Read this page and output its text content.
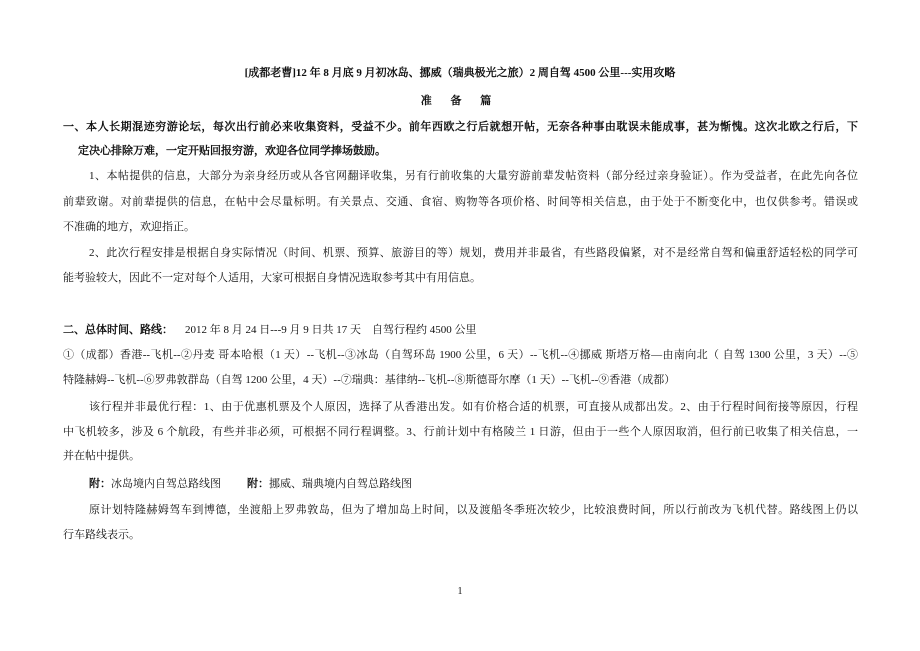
[成都老曹]12 年 8 月底 9 月初冰岛、挪威（瑞典极光之旅）2 周自驾 4500 公里---实用攻略
准 备 篇
一、本人长期混迹穷游论坛，每次出行前必来收集资料，受益不少。前年西欧之行后就想开帖，无奈各种事由耽误未能成事，甚为惭愧。这次北欧之行后，下
定决心排除万难，一定开贴回报穷游，欢迎各位同学捧场鼓励。
1、本帖提供的信息，大部分为亲身经历或从各官网翻译收集，另有行前收集的大量穷游前辈发帖资料（部分经过亲身验证）。作为受益者，在此先向各位
前辈致谢。对前辈提供的信息，在帖中会尽量标明。有关景点、交通、食宿、购物等各项价格、时间等相关信息，由于处于不断变化中，也仅供参考。错误或
不准确的地方，欢迎指正。
2、此次行程安排是根据自身实际情况（时间、机票、预算、旅游目的等）规划，费用并非最省，有些路段偏紧，对不是经常自驾和偏重舒适轻松的同学可
能考验较大，因此不一定对每个人适用，大家可根据自身情况选取参考其中有用信息。
二、总体时间、路线： 2012 年 8 月 24 日---9 月 9 日共 17 天　自驾行程约 4500 公里
①（成都）香港--飞机--②丹麦 哥本哈根（1 天）--飞机--③冰岛（自驾环岛 1900 公里，6 天）--飞机--④挪威 斯塔万格—由南向北（ 自驾 1300 公里，3 天）--⑤
特隆赫姆--飞机--⑥罗弗敦群岛（自驾 1200 公里，4 天）--⑦瑞典：基律纳--飞机--⑧斯德哥尔摩（1 天）--飞机--⑨香港（成都）
该行程并非最优行程：1、由于优惠机票及个人原因，选择了从香港出发。如有价格合适的机票，可直接从成都出发。2、由于行程时间衔接等原因，行程
中飞机较多，涉及 6 个航段，有些并非必须，可根据不同行程调整。3、行前计划中有格陵兰 1 日游，但由于一些个人原因取消，但行前已收集了相关信息，一
并在帖中提供。
附：冰岛境内自驾总路线图 附：挪威、瑞典境内自驾总路线图
原计划特隆赫姆驾车到博德，坐渡船上罗弗敦岛，但为了增加岛上时间，以及渡船冬季班次较少，比较浪费时间，所以行前改为飞机代替。路线图上仍以
行车路线表示。
1
